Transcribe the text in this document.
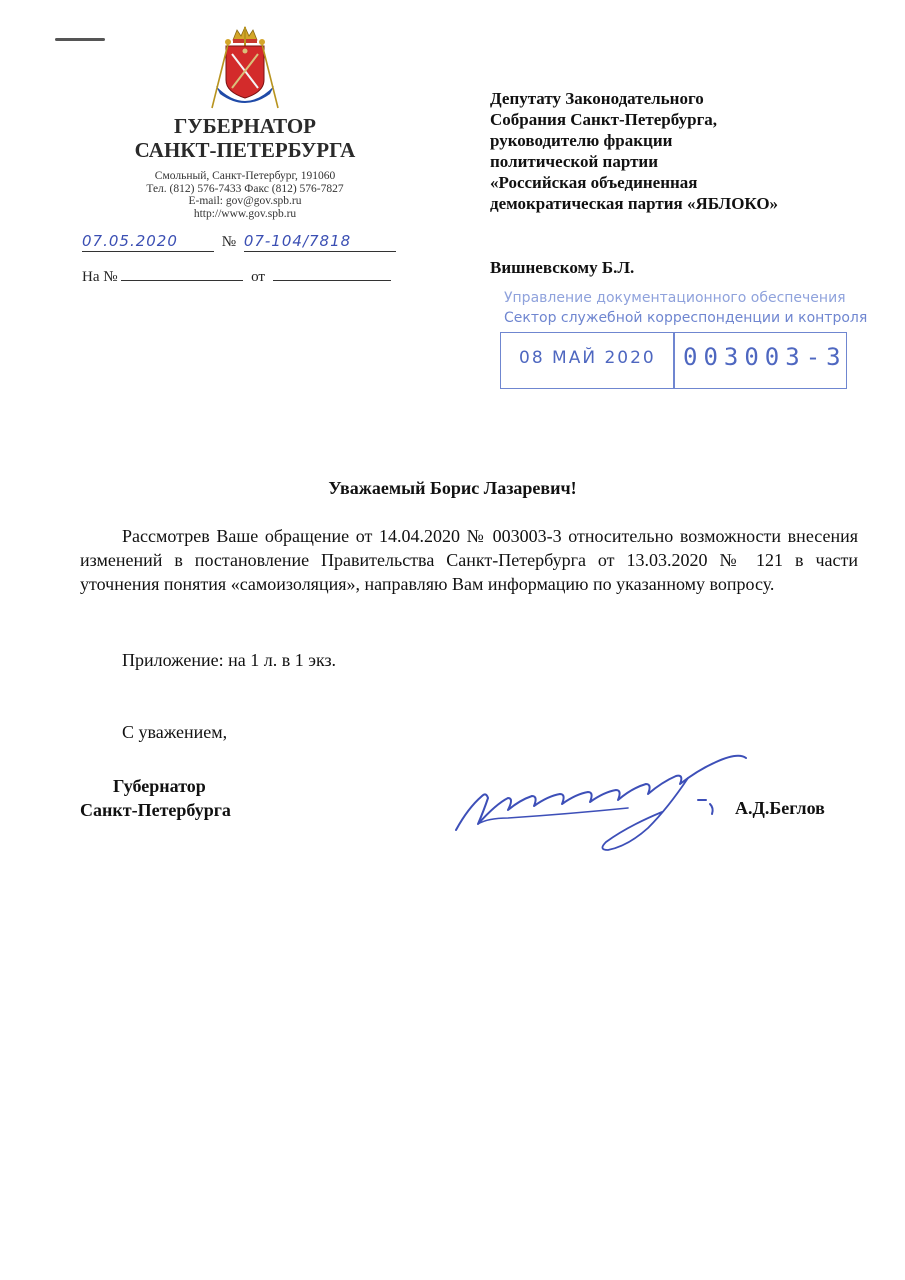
ГУБЕРНАТОР
САНКТ-ПЕТЕРБУРГА
Смольный, Санкт-Петербург, 191060
Тел. (812) 576-7433 Факс (812) 576-7827
E-mail: gov@gov.spb.ru
http://www.gov.spb.ru
07.05.2020	№ 07-104/7818
На №	от
Депутату Законодательного
Собрания Санкт-Петербурга,
руководителю фракции
политической партии
«Российская объединенная
демократическая партия «ЯБЛОКО»
Вишневскому Б.Л.
Управление документационного обеспечения
Сектор служебной корреспонденции и контроля
08 МАЙ 2020 003003-3
Уважаемый Борис Лазаревич!
Рассмотрев Ваше обращение от 14.04.2020 № 003003-3 относительно возможности внесения изменений в постановление Правительства Санкт-Петербурга от 13.03.2020 № 121 в части уточнения понятия «самоизоляция», направляю Вам информацию по указанному вопросу.
Приложение: на 1 л. в 1 экз.
С уважением,
Губернатор
Санкт-Петербурга	А.Д.Беглов
